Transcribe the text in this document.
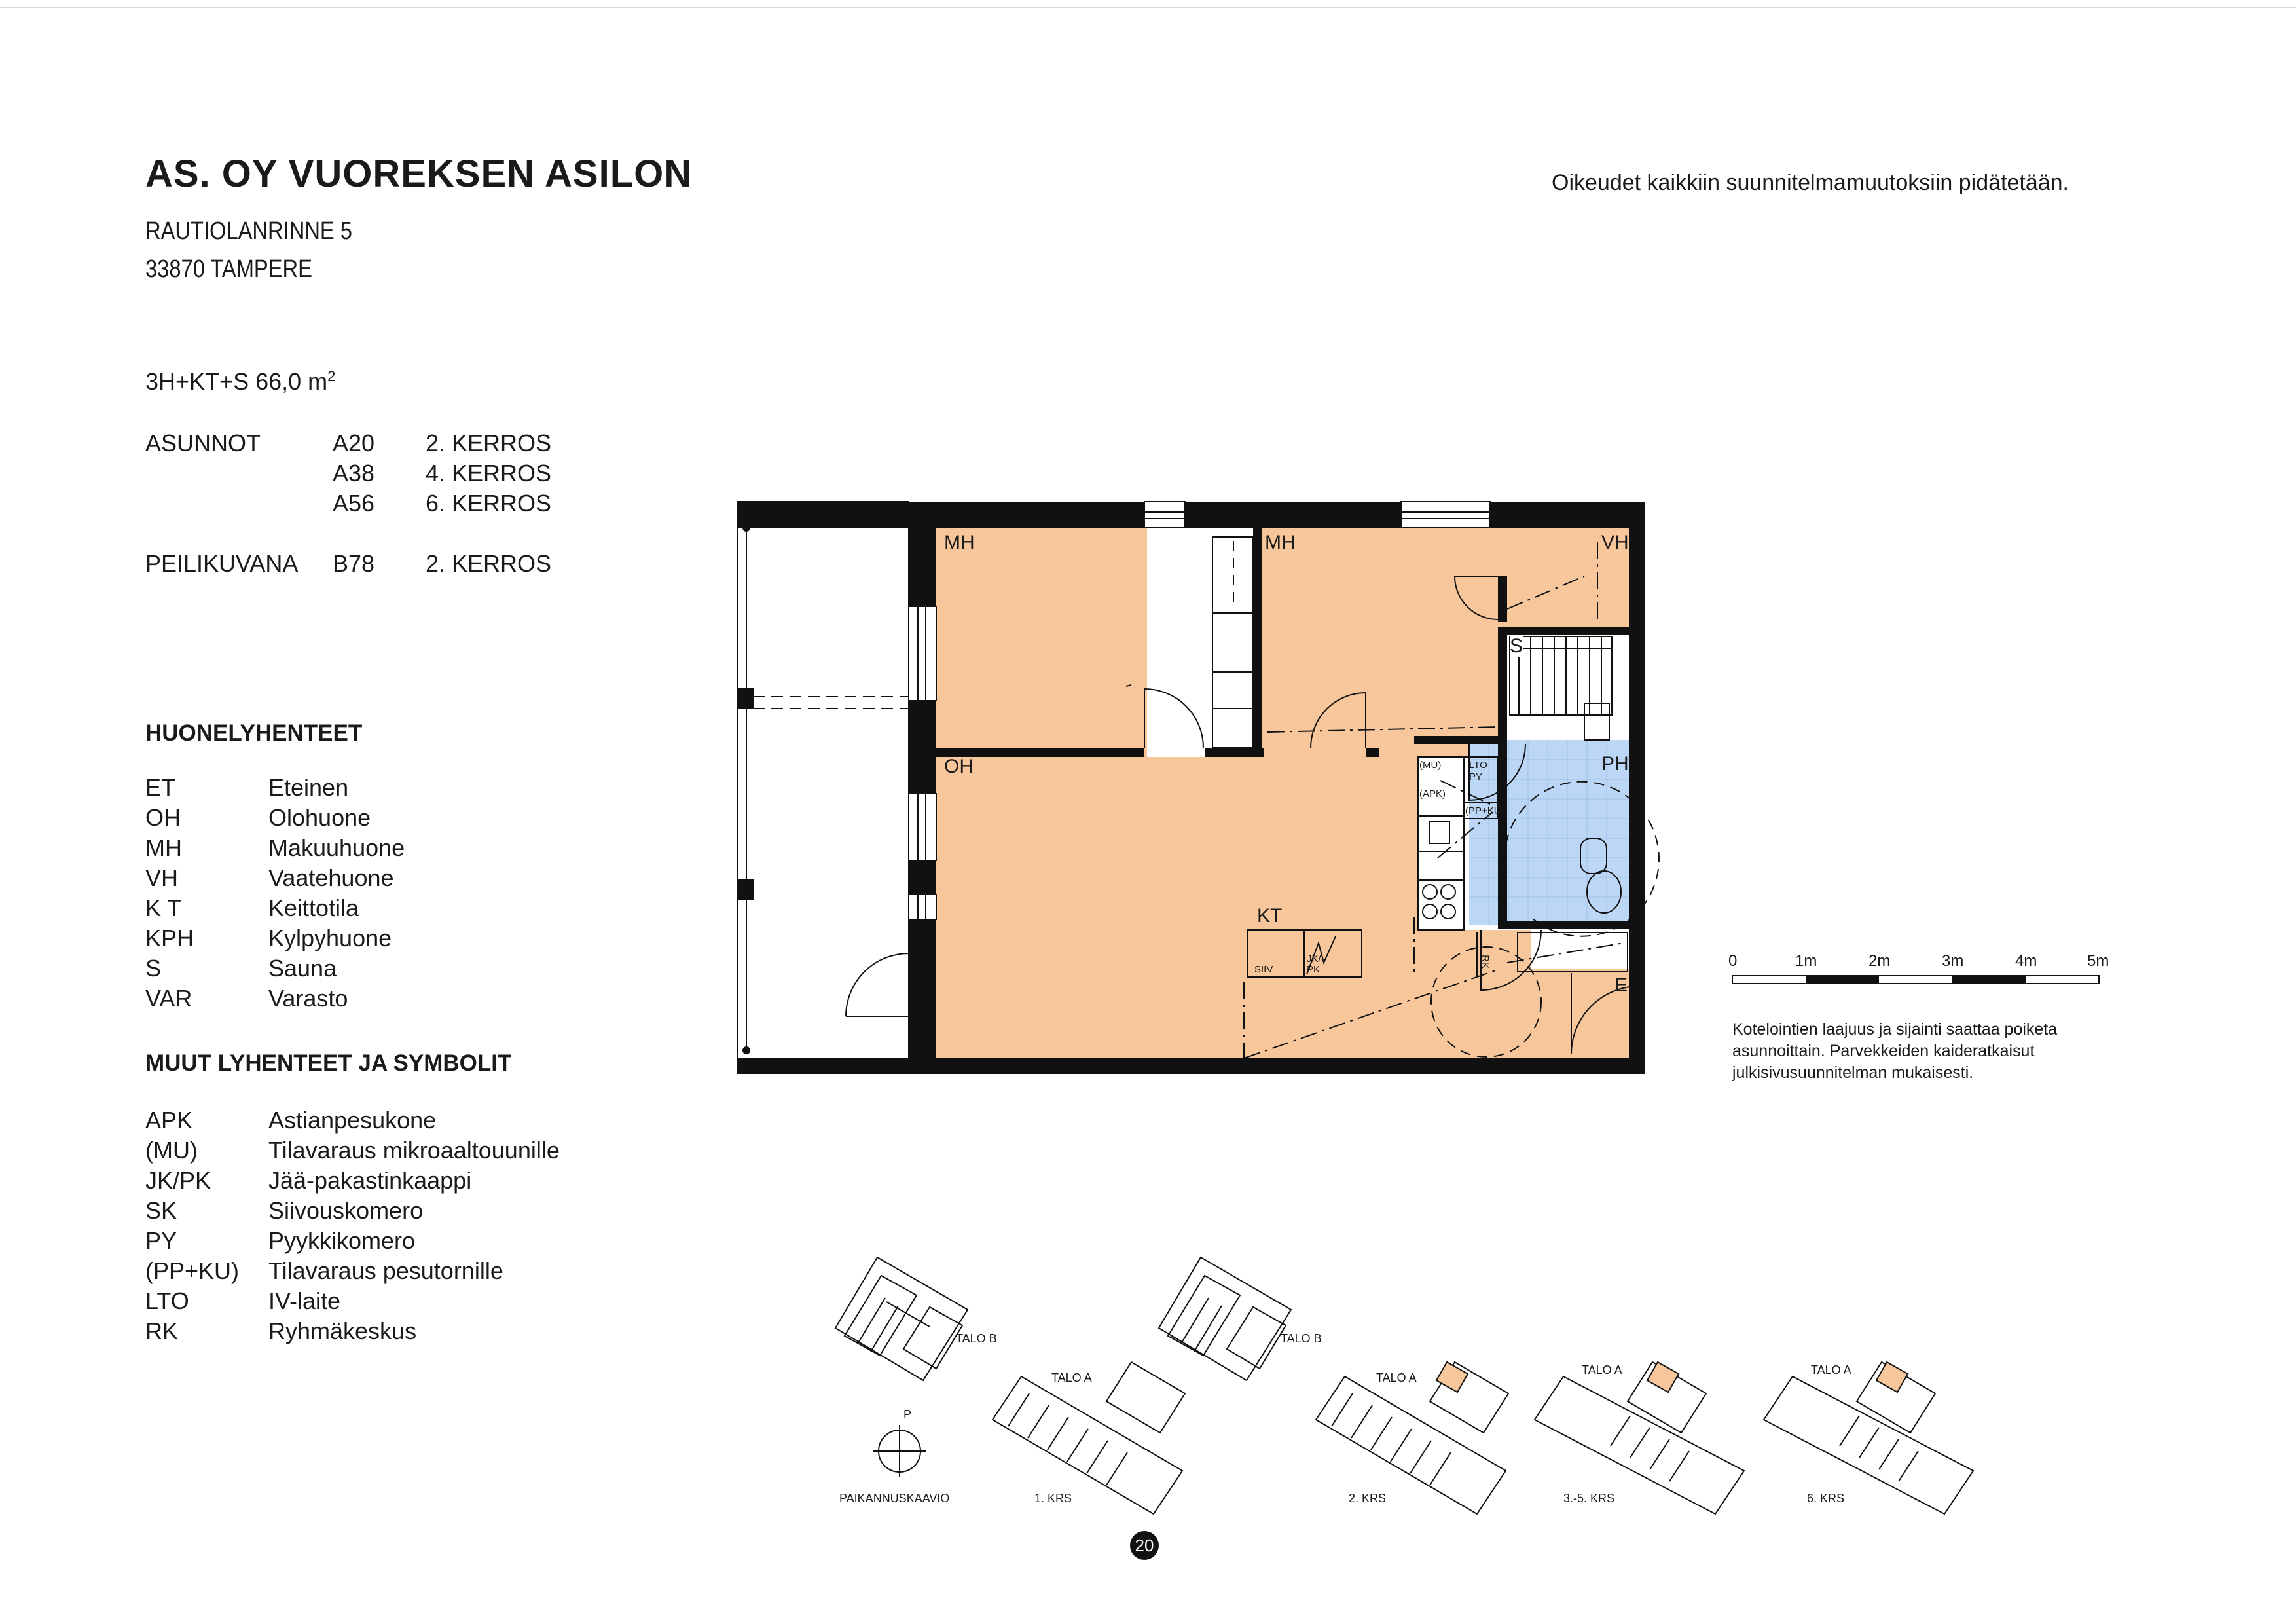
AS. OY VUOREKSEN ASILON
RAUTIOLANRINNE 5
33870 TAMPERE
Oikeudet kaikkiin suunnitelmamuutoksiin pidätetään.
3H+KT+S 66,0 $m^2$
ASUNNOT	A20 2. KERROS
A38 4. KERROS
A56 6. KERROS
PEILIKUVANA B78 2. KERROS
HUONELYHENTEET
ET	Eteinen
OH	Olohuone
MH	Makuuhuone
VH	Vaatehuone
K T	Keittotila
KPH	Kylpyhuone
S	Sauna
VAR	Varasto
MUUT LYHENTEET JA SYMBOLIT
APK	Astianpesukone
(MU)	Tilavaraus mikroaaltouunille
JK/PK Jää-pakastinkaappi
SK	Siivouskomero
PY	Pyykkikomero
(PP+KU) Tilavaraus pesutornille
LTO	IV-laite
RK	Ryhmäkeskus
MH	MH	VH
S
PH
OH
KT
E
(MU)
(APK)
LTO
PY
(PP+KU)
SIIV
JK/
PK
RK	0	1m	2m	3m	4m	5m
Kotelointien laajuus ja sijainti saattaa poiketa asunnoittain. Parvekkeiden kaideratkaisut julkisivusuunnitelman mukaisesti.
TALO B
TALO A
TALO B
TALO A
TALO A	TALO A
P
PAIKANNUSKAAVIO	1. KRS	2. KRS	3.-5. KRS	6. KRS
20
